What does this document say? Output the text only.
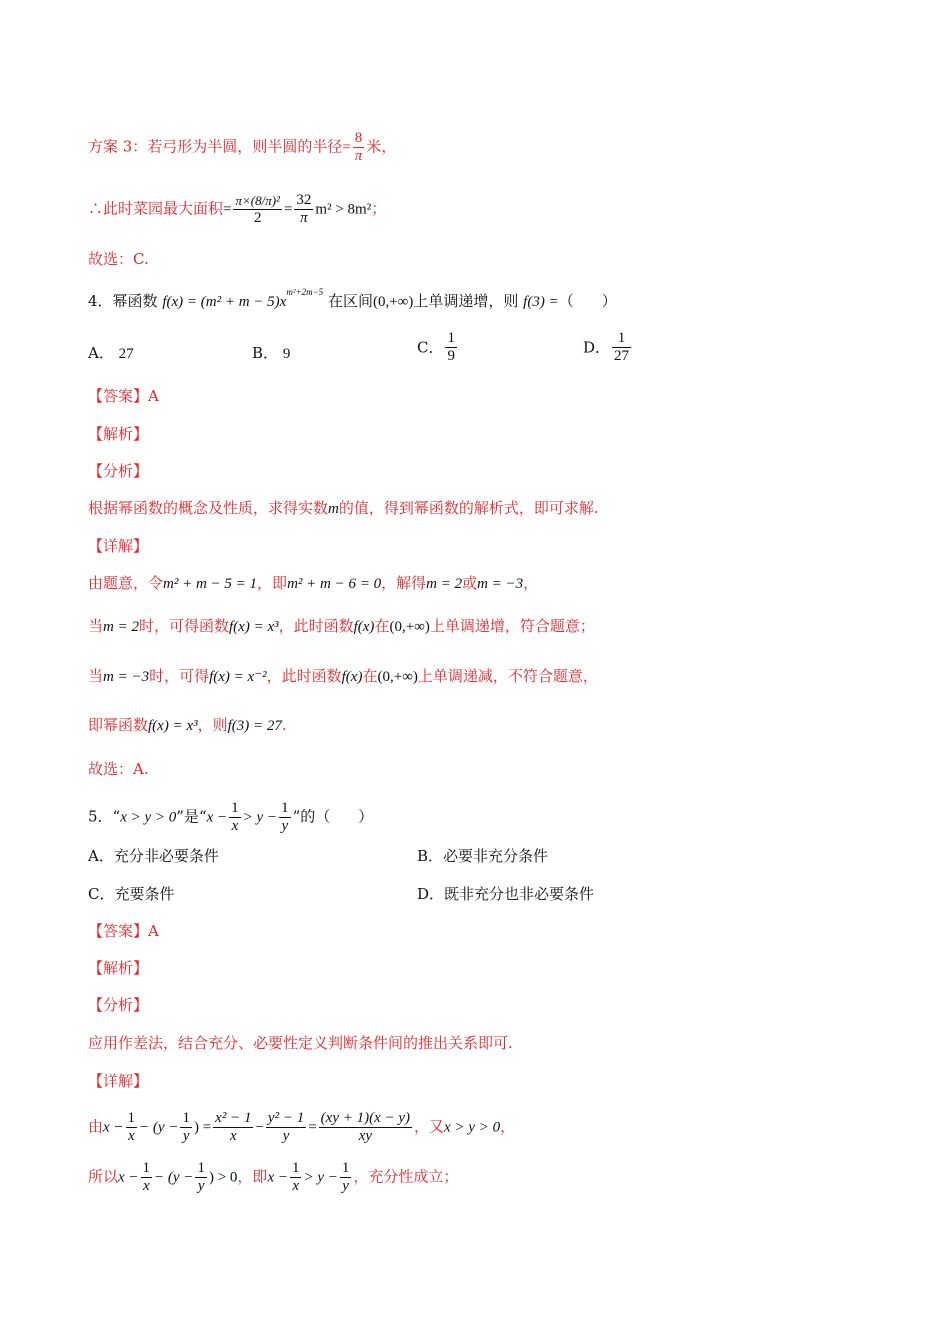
方案 3：若弓形为半圆，则半圆的半径= $\frac{8}{\pi}$ 米，
∴此时菜园最大面积= $\frac{\text{π×(8/π)²}}{2} = \frac{32}{\pi} m^2 > 8m^2$；
故选：C.
4．幂函数 $f(x) = (m^2 + m - 5)x^{m^2+2m-5}$ 在区间(0,+∞)上单调递增，则 f(3) =（ ）
A． 27	B． 9	C． $\frac{1}{9}$	D． $\frac{1}{27}$
【答案】A
【解析】
【分析】
根据幂函数的概念及性质，求得实数m的值，得到幂函数的解析式，即可求解.
【详解】
由题意，令m² + m − 5 = 1，即m² + m − 6 = 0，解得m = 2或m = −3，
当m = 2时，可得函数f(x) = x³，此时函数f(x)在(0,+∞)上单调递增，符合题意；
当m = −3时，可得f(x) = x⁻²，此时函数f(x)在(0,+∞)上单调递减，不符合题意，
即幂函数f(x) = x³，则f(3) = 27.
故选：A.
5．“x > y > 0”是“$x - \frac{1}{x} > y - \frac{1}{y}$ ”的（ ）
A．充分非必要条件	B．必要非充分条件
C．充要条件	D．既非充分也非必要条件
【答案】A
【解析】
【分析】
应用作差法，结合充分、必要性定义判断条件间的推出关系即可.
【详解】
由$x - \frac{1}{x} - (y - \frac{1}{y}$ ) = $\frac{\text{x² − 1}}{x} - \frac{\text{y² − 1}}{y} = \frac{(xy + 1)(x - y)}{xy}$ ，又x > y > 0，
所以$x - \frac{1}{x} - (y - \frac{1}{y}$ ) > 0，即$x - \frac{1}{x} > y - \frac{1}{y}$ ，充分性成立；
